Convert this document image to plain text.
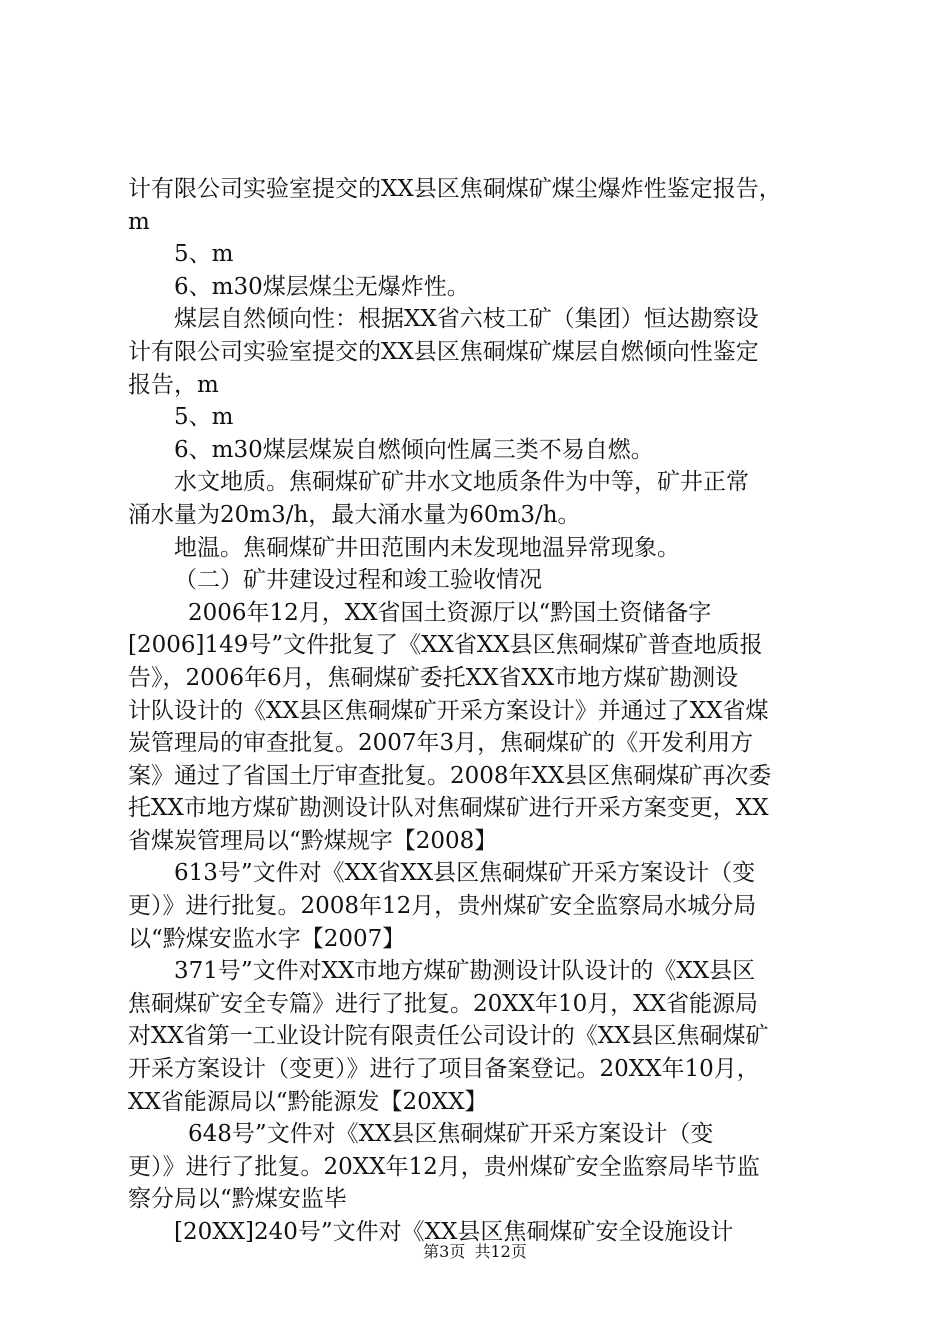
计有限公司实验室提交的XX县区焦硐煤矿煤尘爆炸性鉴定报告，
m
5、m
6、m30煤层煤尘无爆炸性。
煤层自然倾向性：根据XX省六枝工矿（集团）恒达勘察设
计有限公司实验室提交的XX县区焦硐煤矿煤层自燃倾向性鉴定
报告，m
5、m
6、m30煤层煤炭自燃倾向性属三类不易自燃。
水文地质。焦硐煤矿矿井水文地质条件为中等，矿井正常
涌水量为20m3/h，最大涌水量为60m3/h。
地温。焦硐煤矿井田范围内未发现地温异常现象。
（二）矿井建设过程和竣工验收情况
2006年12月，XX省国土资源厅以“黔国土资储备字
[2006]149号”文件批复了《XX省XX县区焦硐煤矿普查地质报
告》，2006年6月，焦硐煤矿委托XX省XX市地方煤矿勘测设
计队设计的《XX县区焦硐煤矿开采方案设计》并通过了XX省煤
炭管理局的审查批复。2007年3月，焦硐煤矿的《开发利用方
案》通过了省国土厅审查批复。2008年XX县区焦硐煤矿再次委
托XX市地方煤矿勘测设计队对焦硐煤矿进行开采方案变更，XX
省煤炭管理局以“黔煤规字【2008】
613号”文件对《XX省XX县区焦硐煤矿开采方案设计（变
更）》进行批复。2008年12月，贵州煤矿安全监察局水城分局
以“黔煤安监水字【2007】
371号”文件对XX市地方煤矿勘测设计队设计的《XX县区
焦硐煤矿安全专篇》进行了批复。20XX年10月，XX省能源局
对XX省第一工业设计院有限责任公司设计的《XX县区焦硐煤矿
开采方案设计（变更）》进行了项目备案登记。20XX年10月，
XX省能源局以“黔能源发【20XX】
648号”文件对《XX县区焦硐煤矿开采方案设计（变
更）》进行了批复。20XX年12月，贵州煤矿安全监察局毕节监
察分局以“黔煤安监毕
[20XX]240号”文件对《XX县区焦硐煤矿安全设施设计
第3页 共12页
